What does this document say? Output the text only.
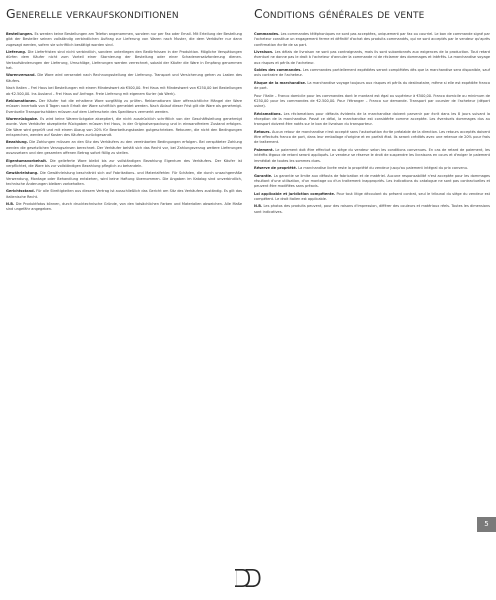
Generelle verkaufskonditionen

Bestellungen. Es werden keine Bestellungen am Telefon angenommen, sondern nur per Fax oder Email. Mit Erteilung der Bestellung gibt der Besteller seinen vollständig verbindlichen Auftrag zur Lieferung von Waren nach Muster, die dem Verkäufer nur dann zugesagt werden, sofern sie schriftlich bestätigt worden sind.

Lieferung. Die Lieferfristen sind nicht verbindlich, sondern unterliegen den Bedürfnissen in der Produktion. Mögliche Verspätungen dürfen dem Käufer nicht zum Vorteil einer Stornierung der Bestellung oder einer Schadenersatzforderung dienen. Verkaufsänderungen der Lieferung, Umschläge, Lieferungen werden verrechnet, sobald der Käufer die Ware in Empfang genommen hat.

Warenversand. Die Ware wird versendet nach Rechnungsstellung der Lieferung. Transport und Versicherung gehen zu Lasten des Käufers.

Nach Italien – Frei Haus bei Bestellungen mit einem Mindestwert ab €500,00. Frei Haus mit Mindestwert von €250,00 bei Bestellungen ab €2.500,00. Ins Ausland – Frei Haus auf Anfrage. Freie Lieferung mit eigenem Kurier (ab Werk).

Reklamationen. Der Käufer hat die erhaltene Ware sorgfältig zu prüfen. Reklamationen über offensichtliche Mängel der Ware müssen innerhalb von 8 Tagen nach Erhalt der Ware schriftlich gemeldet werden. Nach Ablauf dieser Frist gilt die Ware als genehmigt. Eventuelle Transportschäden müssen auf dem Lieferschein des Spediteurs vermerkt werden.

Warenrückgabe. Es wird keine Warenrückgabe akzeptiert, die nicht ausdrücklich schriftlich von der Geschäftsleitung genehmigt wurde. Vom Verkäufer akzeptierte Rückgaben müssen frei Haus, in der Originalverpackung und in einwandfreiem Zustand erfolgen. Die Ware wird geprüft und mit einem Abzug von 20% für Bearbeitungskosten gutgeschrieben. Retouren, die nicht den Bedingungen entsprechen, werden auf Kosten des Käufers zurückgesandt.

Bezahlung. Die Zahlungen müssen an den Sitz des Verkäufers zu den vereinbarten Bedingungen erfolgen. Bei verspäteter Zahlung werden die gesetzlichen Verzugszinsen berechnet. Der Verkäufer behält sich das Recht vor, bei Zahlungsverzug weitere Lieferungen auszusetzen und den gesamten offenen Betrag sofort fällig zu stellen.

Eigentumsvorbehalt. Die gelieferte Ware bleibt bis zur vollständigen Bezahlung Eigentum des Verkäufers. Der Käufer ist verpflichtet, die Ware bis zur vollständigen Bezahlung pfleglich zu behandeln.

Gewährleistung. Die Gewährleistung beschränkt sich auf Fabrikations- und Materialfehler. Für Schäden, die durch unsachgemäße Verwendung, Montage oder Behandlung entstehen, wird keine Haftung übernommen. Die Angaben im Katalog sind unverbindlich, technische Änderungen bleiben vorbehalten.

Gerichtsstand. Für alle Streitigkeiten aus diesem Vertrag ist ausschließlich das Gericht am Sitz des Verkäufers zuständig. Es gilt das italienische Recht.

N.B. Die Produktfotos können, durch drucktechnische Gründe, von den tatsächlichen Farben und Materialien abweichen. Alle Maße sind ungefähr angegeben.

Conditions générales de vente

Commandes. Les commandes téléphoniques ne sont pas acceptées, uniquement par fax ou courriel. Le bon de commande signé par l'acheteur constitue un engagement ferme et définitif d'achat des produits commandés, qui ne sont acceptés par le vendeur qu'après confirmation écrite de sa part.

Livraison. Les délais de livraison ne sont pas contraignants, mais ils sont subordonnés aux exigences de la production. Tout retard éventuel ne donne pas le droit à l'acheteur d'annuler la commande ni de réclamer des dommages et intérêts. La marchandise voyage aux risques et périls de l'acheteur.

Soldes des commandes. Les commandes partiellement expédiées seront complétées dès que la marchandise sera disponible, sauf avis contraire de l'acheteur.

Risque de la marchandise. La marchandise voyage toujours aux risques et périls du destinataire, même si elle est expédiée franco de port.

Pour l'Italie – Franco domicile pour les commandes dont le montant est égal ou supérieur à €500,00. Franco domicile ou minimum de €250,00 pour les commandes de €2.500,00. Pour l'étranger – Franco sur demande. Transport par coursier de l'acheteur (départ usine).

Réclamations. Les réclamations pour défauts évidents de la marchandise doivent parvenir par écrit dans les 8 jours suivant la réception de la marchandise. Passé ce délai, la marchandise est considérée comme acceptée. Les éventuels dommages dus au transport doivent être notés sur le bon de livraison du transporteur.

Retours. Aucun retour de marchandise n'est accepté sans l'autorisation écrite préalable de la direction. Les retours acceptés doivent être effectués franco de port, dans leur emballage d'origine et en parfait état. Ils seront crédités avec une retenue de 20% pour frais de traitement.

Paiement. Le paiement doit être effectué au siège du vendeur selon les conditions convenues. En cas de retard de paiement, les intérêts légaux de retard seront appliqués. Le vendeur se réserve le droit de suspendre les livraisons en cours et d'exiger le paiement immédiat de toutes les sommes dues.

Réserve de propriété. La marchandise livrée reste la propriété du vendeur jusqu'au paiement intégral du prix convenu.

Garantie. La garantie se limite aux défauts de fabrication et de matériel. Aucune responsabilité n'est acceptée pour les dommages résultant d'une utilisation, d'un montage ou d'un traitement inappropriés. Les indications du catalogue ne sont pas contractuelles et peuvent être modifiées sans préavis.

Loi applicable et juridiction compétente. Pour tout litige découlant du présent contrat, seul le tribunal du siège du vendeur est compétent. Le droit italien est applicable.

N.B. Les photos des produits peuvent, pour des raisons d'impression, différer des couleurs et matériaux réels. Toutes les dimensions sont indicatives.

5
